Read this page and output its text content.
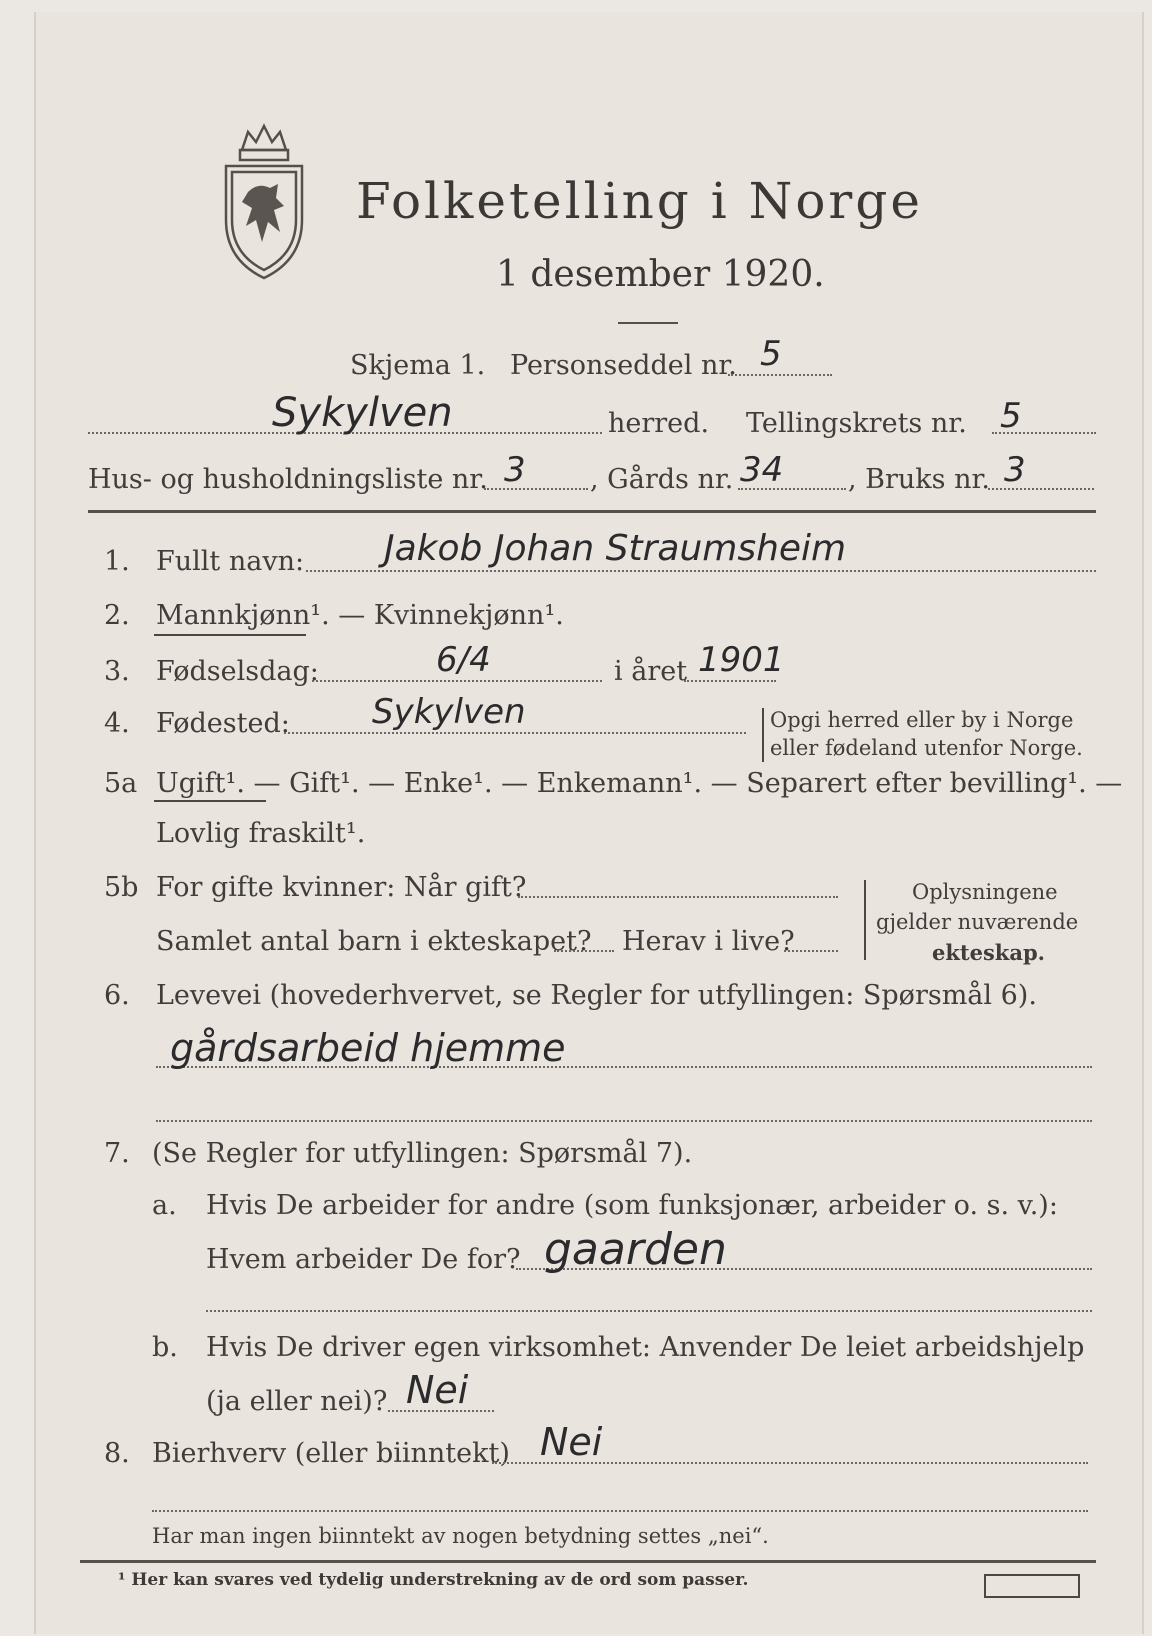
Folketelling i Norge
1 desember 1920.
Skjema 1. Personseddel nr. 5
Sykylven	herred. Tellingskrets nr. 5
Hus- og husholdningsliste nr. 3 , Gårds nr. 34 , Bruks nr. 3
1. Fullt navn: Jakob Johan Straumsheim
2. Mannkjønn¹. — Kvinnekjønn¹.
3. Fødselsdag:	6/4	i året 1901
4. Fødested: Sykylven	Opgi herred eller by i Norge
eller fødeland utenfor Norge.
5a Ugift¹. — Gift¹. — Enke¹. — Enkemann¹. — Separert efter bevilling¹. —
Lovlig fraskilt¹.
5b For gifte kvinner: Når gift?
Samlet antal barn i ekteskapet? Herav i live?
Oplysningene
gjelder nuværende
ekteskap.
6. Levevei (hovederhvervet, se Regler for utfyllingen: Spørsmål 6).
gårdsarbeid hjemme
7. (Se Regler for utfyllingen: Spørsmål 7).
a. Hvis De arbeider for andre (som funksjonær, arbeider o. s. v.):
Hvem arbeider De for? gaarden
b. Hvis De driver egen virksomhet: Anvender De leiet arbeidshjelp
(ja eller nei)? Nei
8. Bierhverv (eller biinntekt) Nei
Har man ingen biinntekt av nogen betydning settes „nei“.
¹ Her kan svares ved tydelig understrekning av de ord som passer.
